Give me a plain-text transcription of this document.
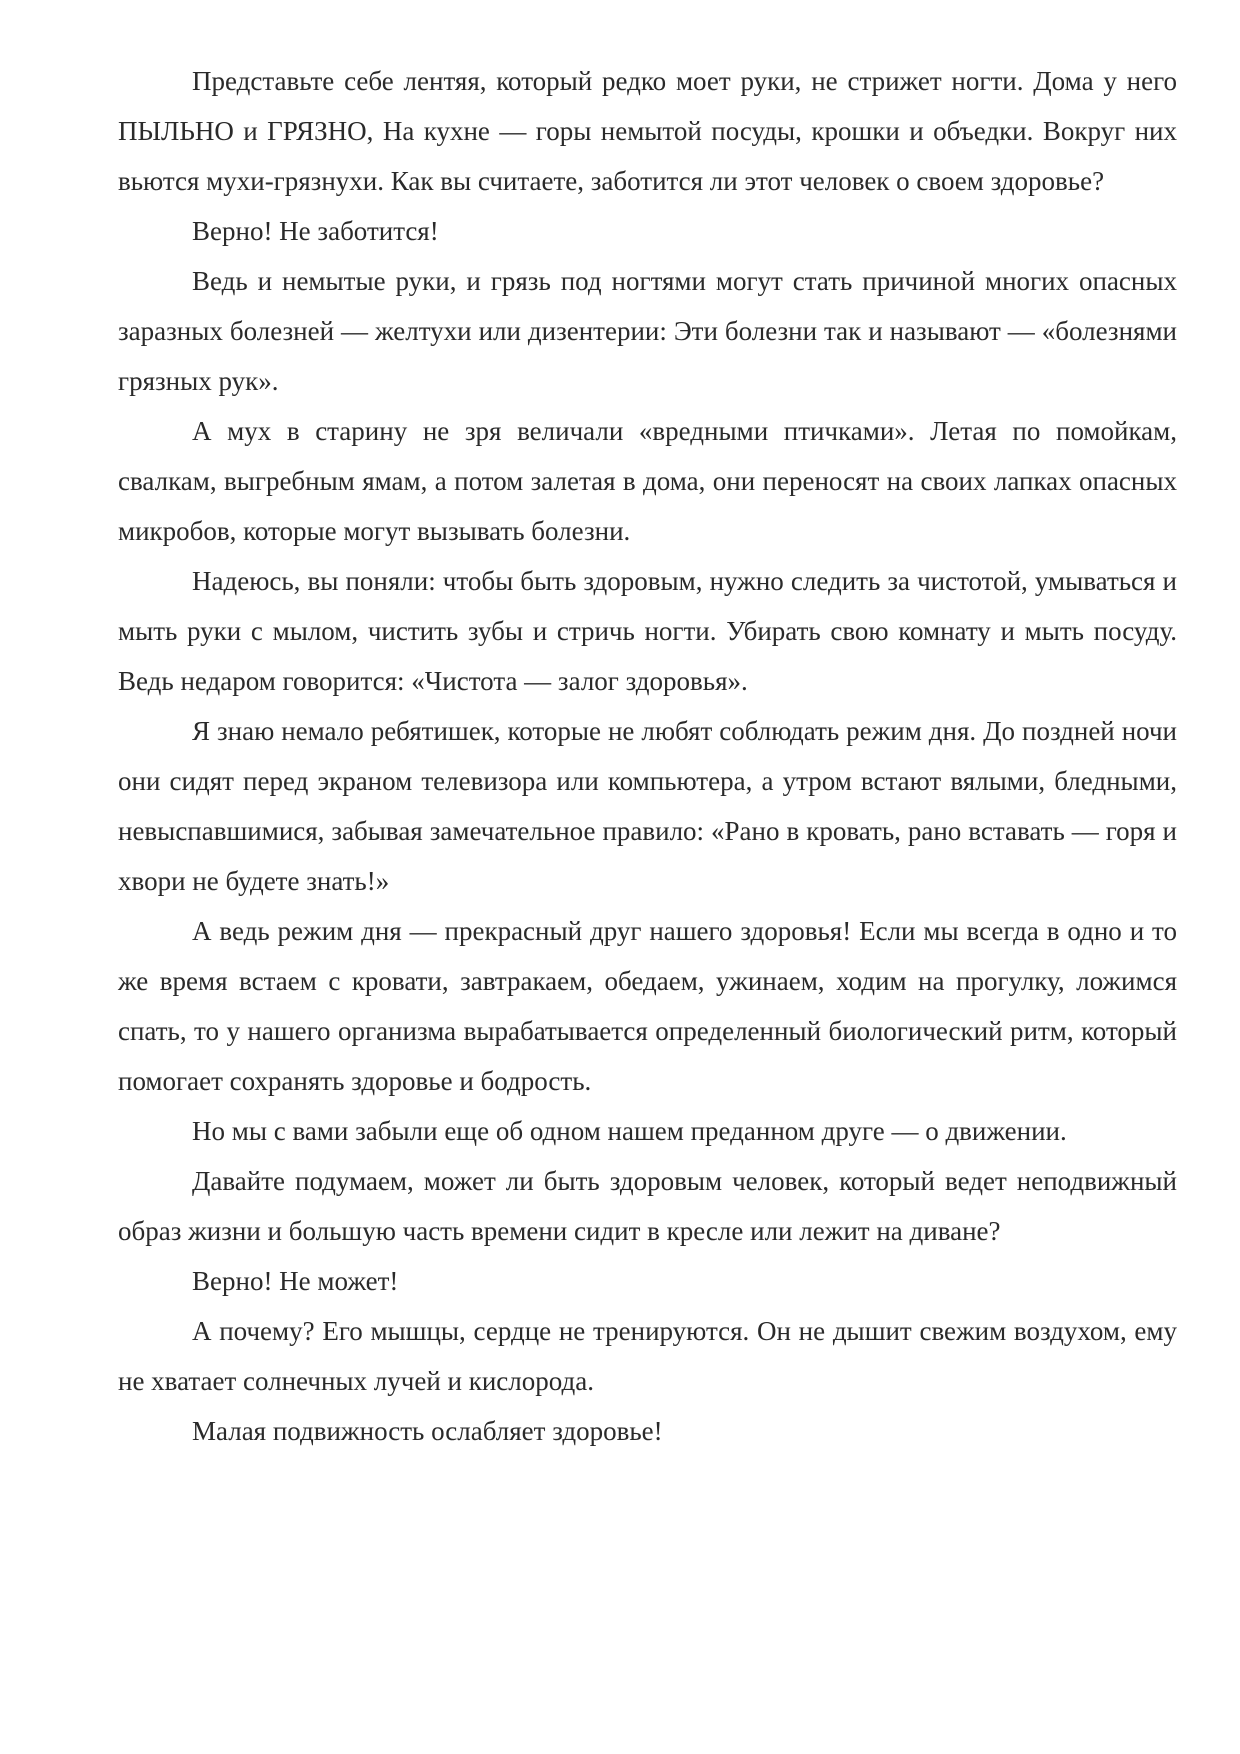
Представьте себе лентяя, который редко моет руки, не стрижет ногти. Дома у него ПЫЛЬНО и ГРЯЗНО, На кухне — горы немытой посуды, крошки и объедки. Вокруг них вьются мухи-грязнухи. Как вы считаете, заботится ли этот человек о своем здоровье?

Верно! Не заботится!

Ведь и немытые руки, и грязь под ногтями могут стать причиной многих опасных заразных болезней — желтухи или дизентерии: Эти болезни так и называют — «болезнями грязных рук».

А мух в старину не зря величали «вредными птичками». Летая по помойкам, свалкам, выгребным ямам, а потом залетая в дома, они переносят на своих лапках опасных микробов, которые могут вызывать болезни.

Надеюсь, вы поняли: чтобы быть здоровым, нужно следить за чистотой, умываться и мыть руки с мылом, чистить зубы и стричь ногти. Убирать свою комнату и мыть посуду. Ведь недаром говорится: «Чистота — залог здоровья».

Я знаю немало ребятишек, которые не любят соблюдать режим дня. До поздней ночи они сидят перед экраном телевизора или компьютера, а утром встают вялыми, бледными, невыспавшимися, забывая замечательное правило: «Рано в кровать, рано вставать — горя и хвори не будете знать!»

А ведь режим дня — прекрасный друг нашего здоровья! Если мы всегда в одно и то же время встаем с кровати, завтракаем, обедаем, ужинаем, ходим на прогулку, ложимся спать, то у нашего организма вырабатывается определенный биологический ритм, который помогает сохранять здоровье и бодрость.

Но мы с вами забыли еще об одном нашем преданном друге — о движении.

Давайте подумаем, может ли быть здоровым человек, который ведет неподвижный образ жизни и большую часть времени сидит в кресле или лежит на диване?

Верно! Не может!

А почему? Его мышцы, сердце не тренируются. Он не дышит свежим воздухом, ему не хватает солнечных лучей и кислорода.

Малая подвижность ослабляет здоровье!
